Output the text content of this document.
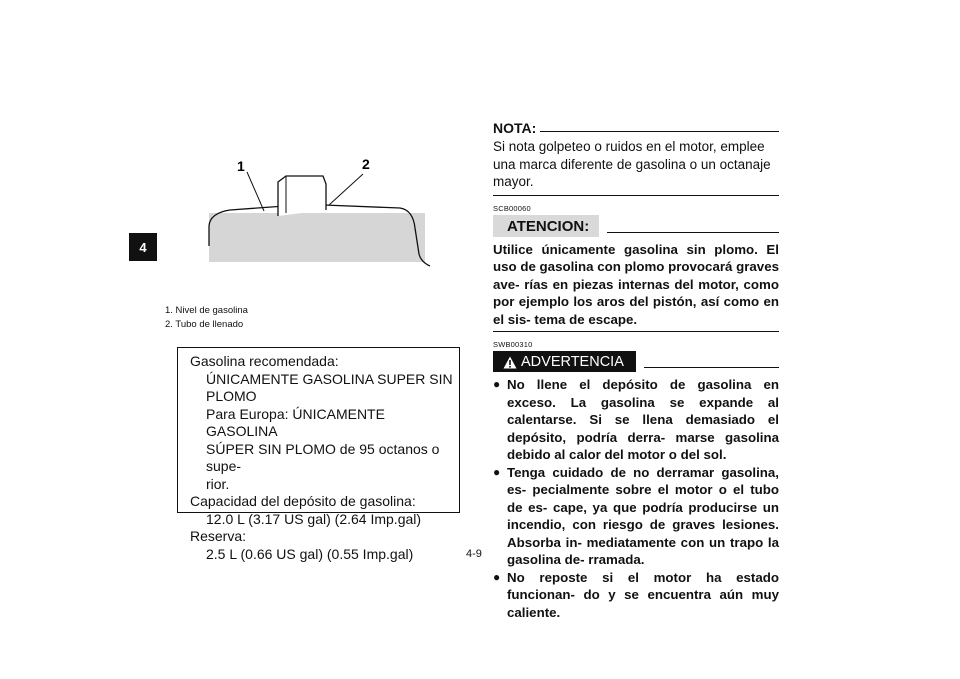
4
1	2
1. Nivel de gasolina
2. Tubo de llenado
Gasolina recomendada:
ÚNICAMENTE GASOLINA SUPER SIN
PLOMO
Para Europa: ÚNICAMENTE GASOLINA
SÚPER SIN PLOMO de 95 octanos o supe-
rior.
Capacidad del depósito de gasolina:
12.0 L (3.17 US gal) (2.64 Imp.gal)
Reserva:
2.5 L (0.66 US gal) (0.55 Imp.gal)
NOTA:
Si nota golpeteo o ruidos en el motor, emplee una marca diferente de gasolina o un octanaje mayor.
SCB00060
ATENCION:
Utilice únicamente gasolina sin plomo. El uso de gasolina con plomo provocará graves ave- rías en piezas internas del motor, como por ejemplo los aros del pistón, así como en el sis- tema de escape.
SWB00310
ADVERTENCIA
● No llene el depósito de gasolina en exceso. La gasolina se expande al calentarse. Si se llena demasiado el depósito, podría derra- marse gasolina debido al calor del motor o del sol.
● Tenga cuidado de no derramar gasolina, es- pecialmente sobre el motor o el tubo de es- cape, ya que podría producirse un incendio, con riesgo de graves lesiones. Absorba in- mediatamente con un trapo la gasolina de- rramada.
● No reposte si el motor ha estado funcionan- do y se encuentra aún muy caliente.
4-9
